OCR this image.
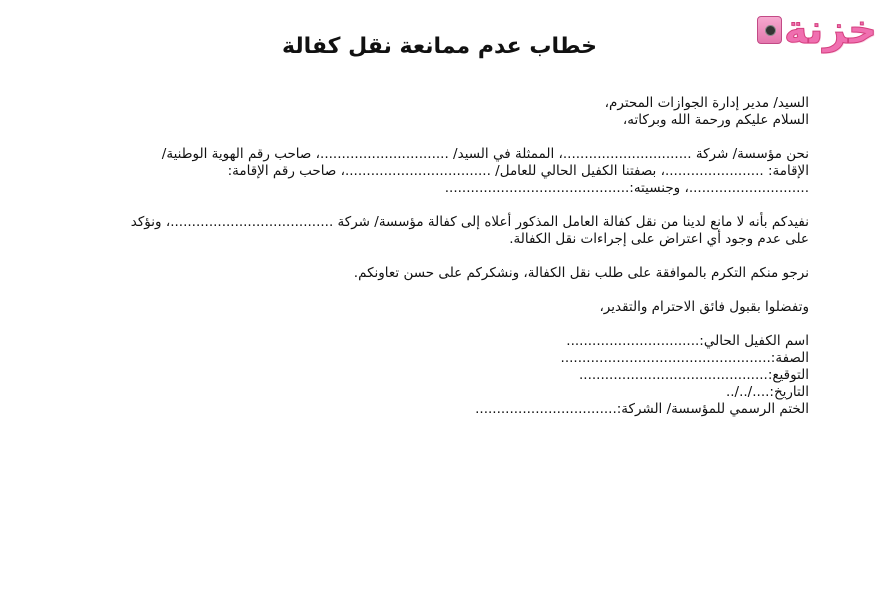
خزنة
خطاب عدم ممانعة نقل كفالة
السيد/ مدير إدارة الجوازات المحترم،
السلام عليكم ورحمة الله وبركاته،
نحن مؤسسة/ شركة ..............................، الممثلة في السيد/ ..............................، صاحب رقم الهوية الوطنية/
الإقامة: .......................، بصفتنا الكفيل الحالي للعامل/ ..................................، صاحب رقم الإقامة:
............................، وجنسيته:...........................................
نفيدكم بأنه لا مانع لدينا من نقل كفالة العامل المذكور أعلاه إلى كفالة مؤسسة/ شركة ......................................، ونؤكد
على عدم وجود أي اعتراض على إجراءات نقل الكفالة.
نرجو منكم التكرم بالموافقة على طلب نقل الكفالة، ونشكركم على حسن تعاونكم.
وتفضلوا بقبول فائق الاحترام والتقدير،
اسم الكفيل الحالي:...............................
الصفة:.................................................
التوقيع:............................................
التاريخ:..../../..
الختم الرسمي للمؤسسة/ الشركة:.................................
